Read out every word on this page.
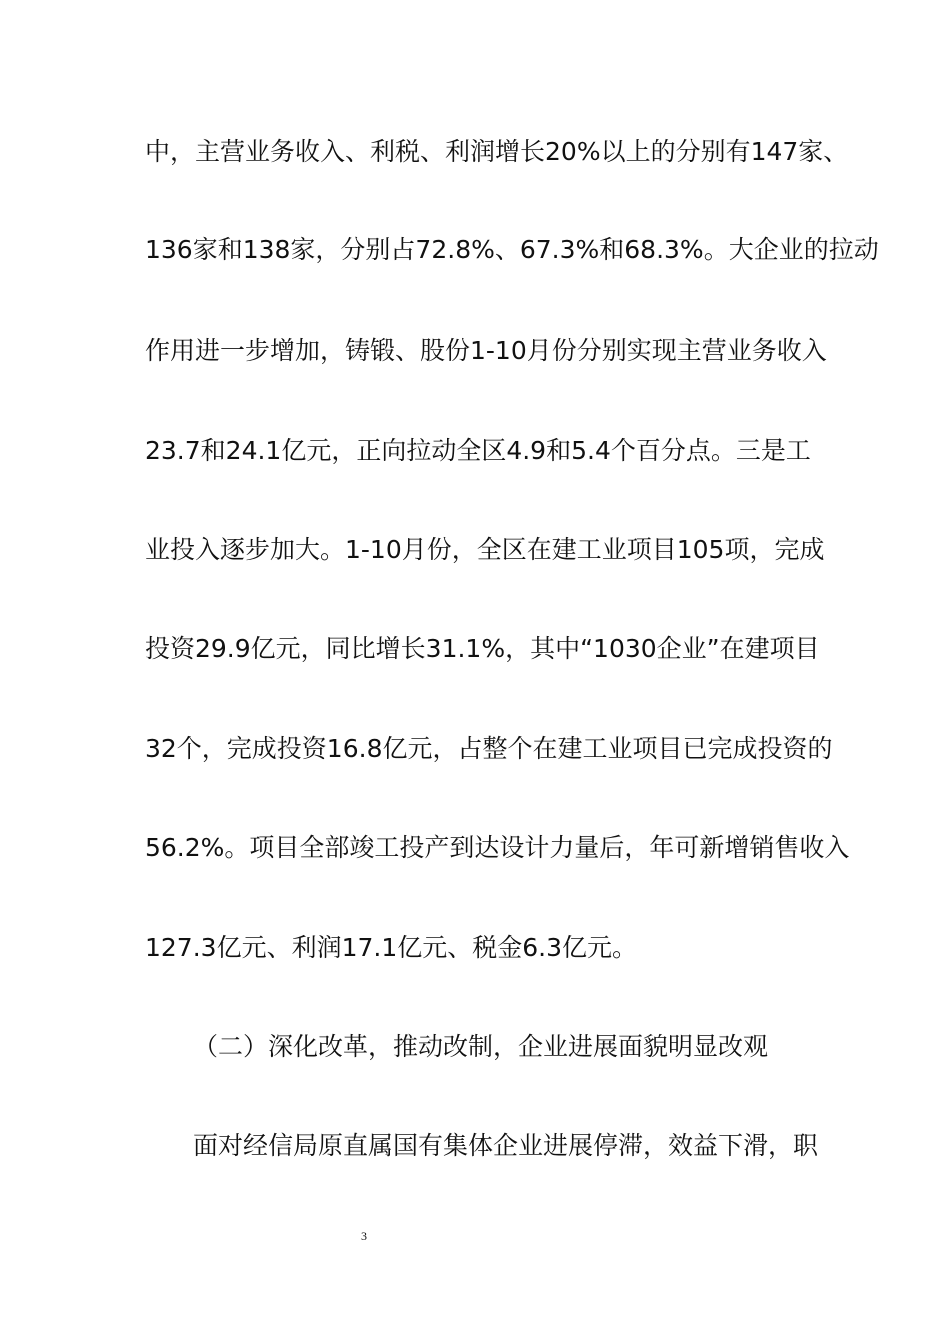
中，主营业务收入、利税、利润增长20%以上的分别有147家、
136家和138家，分别占72.8%、67.3%和68.3%。大企业的拉动
作用进一步增加，铸锻、股份1-10月份分别实现主营业务收入
23.7和24.1亿元，正向拉动全区4.9和5.4个百分点。三是工
业投入逐步加大。1-10月份，全区在建工业项目105项，完成
投资29.9亿元，同比增长31.1%，其中“1030企业”在建项目
32个，完成投资16.8亿元，占整个在建工业项目已完成投资的
56.2%。项目全部竣工投产到达设计力量后，年可新增销售收入
127.3亿元、利润17.1亿元、税金6.3亿元。
（二）深化改革，推动改制，企业进展面貌明显改观
面对经信局原直属国有集体企业进展停滞，效益下滑，职
3
